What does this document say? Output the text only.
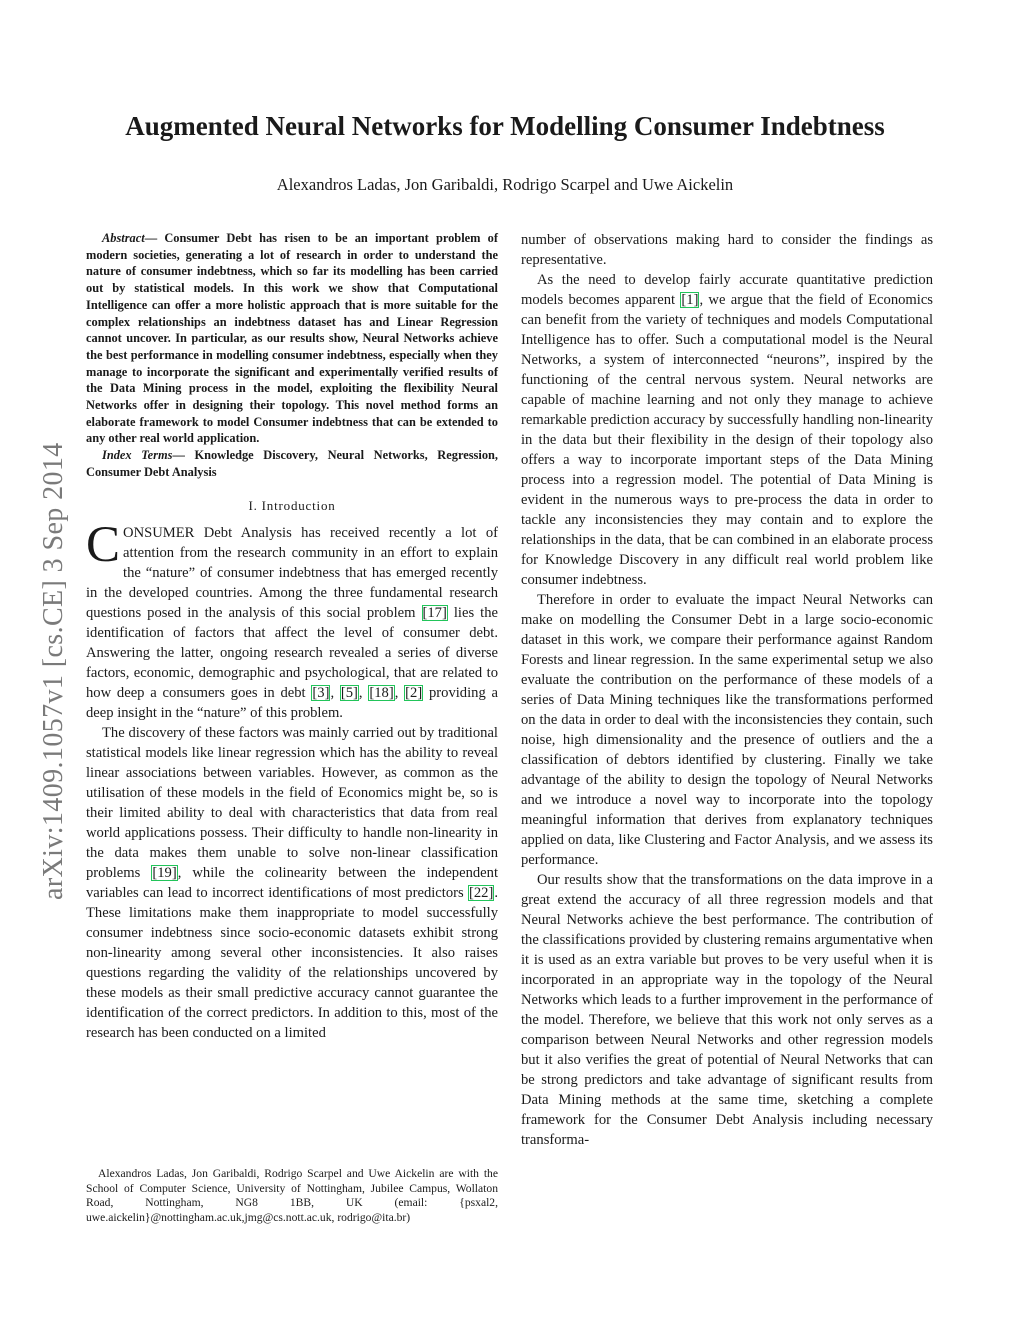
arXiv:1409.1057v1 [cs.CE] 3 Sep 2014
Augmented Neural Networks for Modelling Consumer Indebtness
Alexandros Ladas, Jon Garibaldi, Rodrigo Scarpel and Uwe Aickelin

Abstract— Consumer Debt has risen to be an important problem of modern societies, generating a lot of research in order to understand the nature of consumer indebtness, which so far its modelling has been carried out by statistical models. In this work we show that Computational Intelligence can offer a more holistic approach that is more suitable for the complex relationships an indebtness dataset has and Linear Regression cannot uncover. In particular, as our results show, Neural Networks achieve the best performance in modelling consumer indebtness, especially when they manage to incorporate the significant and experimentally verified results of the Data Mining process in the model, exploiting the flexibility Neural Networks offer in designing their topology. This novel method forms an elaborate framework to model Consumer indebtness that can be extended to any other real world application.

Index Terms— Knowledge Discovery, Neural Networks, Regression, Consumer Debt Analysis

I. Introduction

CONSUMER Debt Analysis has received recently a lot of attention from the research community in an effort to explain the “nature” of consumer indebtness that has emerged recently in the developed countries. Among the three fundamental research questions posed in the analysis of this social problem [17] lies the identification of factors that affect the level of consumer debt. Answering the latter, ongoing research revealed a series of diverse factors, economic, demographic and psychological, that are related to how deep a consumers goes in debt [3], [5], [18], [2] providing a deep insight in the “nature” of this problem.

The discovery of these factors was mainly carried out by traditional statistical models like linear regression which has the ability to reveal linear associations between variables. However, as common as the utilisation of these models in the field of Economics might be, so is their limited ability to deal with characteristics that data from real world applications possess. Their difficulty to handle non-linearity in the data makes them unable to solve non-linear classification problems [19], while the colinearity between the independent variables can lead to incorrect identifications of most predictors [22]. These limitations make them inappropriate to model successfully consumer indebtness since socio-economic datasets exhibit strong non-linearity among several other inconsistencies. It also raises questions regarding the validity of the relationships uncovered by these models as their small predictive accuracy cannot guarantee the identification of the correct predictors. In addition to this, most of the research has been conducted on a limited

number of observations making hard to consider the findings as representative.

As the need to develop fairly accurate quantitative prediction models becomes apparent [1], we argue that the field of Economics can benefit from the variety of techniques and models Computational Intelligence has to offer. Such a computational model is the Neural Networks, a system of interconnected “neurons”, inspired by the functioning of the central nervous system. Neural networks are capable of machine learning and not only they manage to achieve remarkable prediction accuracy by successfully handling non-linearity in the data but their flexibility in the design of their topology also offers a way to incorporate important steps of the Data Mining process into a regression model. The potential of Data Mining is evident in the numerous ways to pre-process the data in order to tackle any inconsistencies they may contain and to explore the relationships in the data, that be can combined in an elaborate process for Knowledge Discovery in any difficult real world problem like consumer indebtness.

Therefore in order to evaluate the impact Neural Networks can make on modelling the Consumer Debt in a large socio-economic dataset in this work, we compare their performance against Random Forests and linear regression. In the same experimental setup we also evaluate the contribution on the performance of these models of a series of Data Mining techniques like the transformations performed on the data in order to deal with the inconsistencies they contain, such noise, high dimensionality and the presence of outliers and the a classification of debtors identified by clustering. Finally we take advantage of the ability to design the topology of Neural Networks and we introduce a novel way to incorporate into the topology meaningful information that derives from explanatory techniques applied on data, like Clustering and Factor Analysis, and we assess its performance.

Our results show that the transformations on the data improve in a great extend the accuracy of all three regression models and that Neural Networks achieve the best performance. The contribution of the classifications provided by clustering remains argumentative when it is used as an extra variable but proves to be very useful when it is incorporated in an appropriate way in the topology of the Neural Networks which leads to a further improvement in the performance of the model. Therefore, we believe that this work not only serves as a comparison between Neural Networks and other regression models but it also verifies the great of potential of Neural Networks that can be strong predictors and take advantage of significant results from Data Mining methods at the same time, sketching a complete framework for the Consumer Debt Analysis including necessary transforma-

Alexandros Ladas, Jon Garibaldi, Rodrigo Scarpel and Uwe Aickelin are with the School of Computer Science, University of Nottingham, Jubilee Campus, Wollaton Road, Nottingham, NG8 1BB, UK (email: {psxal2, uwe.aickelin}@nottingham.ac.uk,jmg@cs.nott.ac.uk, rodrigo@ita.br)
